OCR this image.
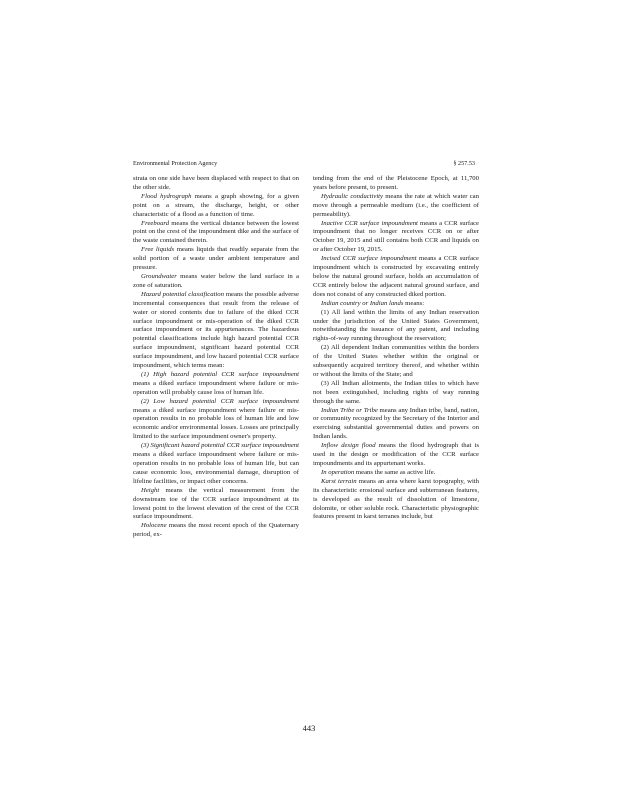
Environmental Protection Agency	§ 257.53

strata on one side have been displaced with respect to that on the other side.

Flood hydrograph means a graph showing, for a given point on a stream, the discharge, height, or other characteristic of a flood as a function of time.

Freeboard means the vertical distance between the lowest point on the crest of the impoundment dike and the surface of the waste contained therein.

Free liquids means liquids that readily separate from the solid portion of a waste under ambient temperature and pressure.

Groundwater means water below the land surface in a zone of saturation.

Hazard potential classification means the possible adverse incremental consequences that result from the release of water or stored contents due to failure of the diked CCR surface impoundment or mis-operation of the diked CCR surface impoundment or its appurtenances. The hazardous potential classifications include high hazard potential CCR surface impoundment, significant hazard potential CCR surface impoundment, and low hazard potential CCR surface impoundment, which terms mean:

(1) High hazard potential CCR surface impoundment means a diked surface impoundment where failure or mis-operation will probably cause loss of human life.

(2) Low hazard potential CCR surface impoundment means a diked surface impoundment where failure or mis-operation results in no probable loss of human life and low economic and/or environmental losses. Losses are principally limited to the surface impoundment owner's property.

(3) Significant hazard potential CCR surface impoundment means a diked surface impoundment where failure or mis-operation results in no probable loss of human life, but can cause economic loss, environmental damage, disruption of lifeline facilities, or impact other concerns.

Height means the vertical measurement from the downstream toe of the CCR surface impoundment at its lowest point to the lowest elevation of the crest of the CCR surface impoundment.

Holocene means the most recent epoch of the Quaternary period, ex-

tending from the end of the Pleistocene Epoch, at 11,700 years before present, to present.

Hydraulic conductivity means the rate at which water can move through a permeable medium (i.e., the coefficient of permeability).

Inactive CCR surface impoundment means a CCR surface impoundment that no longer receives CCR on or after October 19, 2015 and still contains both CCR and liquids on or after October 19, 2015.

Incised CCR surface impoundment means a CCR surface impoundment which is constructed by excavating entirely below the natural ground surface, holds an accumulation of CCR entirely below the adjacent natural ground surface, and does not consist of any constructed diked portion.

Indian country or Indian lands means:

(1) All land within the limits of any Indian reservation under the jurisdiction of the United States Government, notwithstanding the issuance of any patent, and including rights-of-way running throughout the reservation;

(2) All dependent Indian communities within the borders of the United States whether within the original or subsequently acquired territory thereof, and whether within or without the limits of the State; and

(3) All Indian allotments, the Indian titles to which have not been extinguished, including rights of way running through the same.

Indian Tribe or Tribe means any Indian tribe, band, nation, or community recognized by the Secretary of the Interior and exercising substantial governmental duties and powers on Indian lands.

Inflow design flood means the flood hydrograph that is used in the design or modification of the CCR surface impoundments and its appurtenant works.

In operation means the same as active life.

Karst terrain means an area where karst topography, with its characteristic erosional surface and subterranean features, is developed as the result of dissolution of limestone, dolomite, or other soluble rock. Characteristic physiographic features present in karst terranes include, but

443
